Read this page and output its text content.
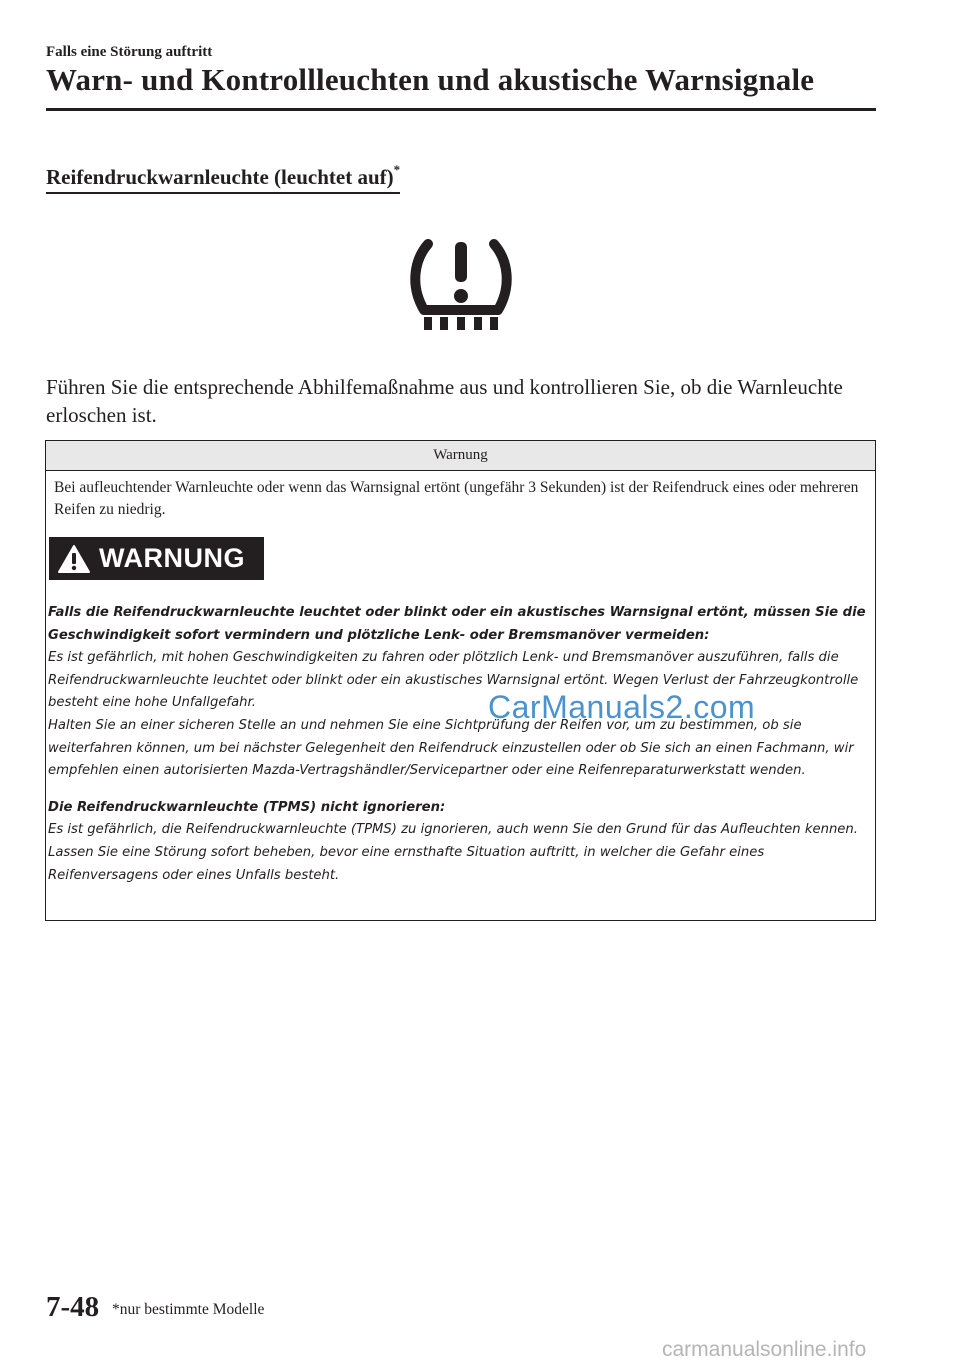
Falls eine Störung auftritt
Warn- und Kontrollleuchten und akustische Warnsignale
Reifendruckwarnleuchte (leuchtet auf)*
Führen Sie die entsprechende Abhilfemaßnahme aus und kontrollieren Sie, ob die Warnleuchte erloschen ist.
Warnung
Bei aufleuchtender Warnleuchte oder wenn das Warnsignal ertönt (ungefähr 3 Sekunden) ist der Reifendruck eines oder mehreren Reifen zu niedrig.
WARNUNG

Falls die Reifendruckwarnleuchte leuchtet oder blinkt oder ein akustisches Warnsignal ertönt, müssen Sie die Geschwindigkeit sofort vermindern und plötzliche Lenk- oder Bremsmanöver vermeiden:

Es ist gefährlich, mit hohen Geschwindigkeiten zu fahren oder plötzlich Lenk- und Bremsmanöver auszuführen, falls die Reifendruckwarnleuchte leuchtet oder blinkt oder ein akustisches Warnsignal ertönt. Wegen Verlust der Fahrzeugkontrolle besteht eine hohe Unfallgefahr.

Halten Sie an einer sicheren Stelle an und nehmen Sie eine Sichtprüfung der Reifen vor, um zu bestimmen, ob sie weiterfahren können, um bei nächster Gelegenheit den Reifendruck einzustellen oder ob Sie sich an einen Fachmann, wir empfehlen einen autorisierten Mazda-Vertragshändler/Servicepartner oder eine Reifenreparaturwerkstatt wenden.

Die Reifendruckwarnleuchte (TPMS) nicht ignorieren:

Es ist gefährlich, die Reifendruckwarnleuchte (TPMS) zu ignorieren, auch wenn Sie den Grund für das Aufleuchten kennen. Lassen Sie eine Störung sofort beheben, bevor eine ernsthafte Situation auftritt, in welcher die Gefahr eines Reifenversagens oder eines Unfalls besteht.

CarManuals2.com
7-48 *nur bestimmte Modelle
carmanualsonline.info
